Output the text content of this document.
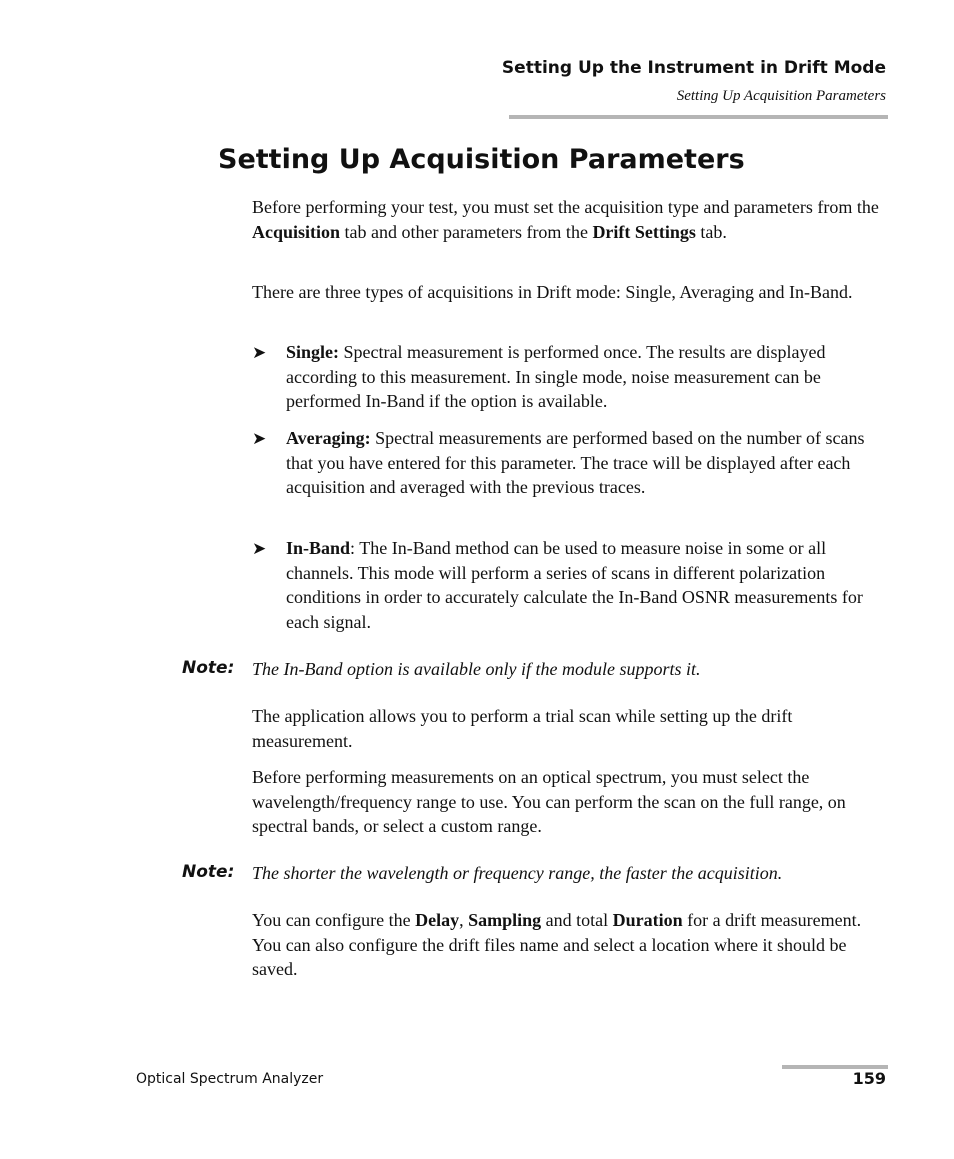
Setting Up the Instrument in Drift Mode
Setting Up Acquisition Parameters
Setting Up Acquisition Parameters

Before performing your test, you must set the acquisition type and parameters from the Acquisition tab and other parameters from the Drift Settings tab.

There are three types of acquisitions in Drift mode: Single, Averaging and In-Band.

➤ Single: Spectral measurement is performed once. The results are displayed according to this measurement. In single mode, noise measurement can be performed In-Band if the option is available.

➤ Averaging: Spectral measurements are performed based on the number of scans that you have entered for this parameter. The trace will be displayed after each acquisition and averaged with the previous traces.

➤ In-Band: The In-Band method can be used to measure noise in some or all channels. This mode will perform a series of scans in different polarization conditions in order to accurately calculate the In-Band OSNR measurements for each signal.

Note: The In-Band option is available only if the module supports it.

The application allows you to perform a trial scan while setting up the drift measurement.

Before performing measurements on an optical spectrum, you must select the wavelength/frequency range to use. You can perform the scan on the full range, on spectral bands, or select a custom range.

Note: The shorter the wavelength or frequency range, the faster the acquisition.

You can configure the Delay, Sampling and total Duration for a drift measurement. You can also configure the drift files name and select a location where it should be saved.

Optical Spectrum Analyzer	159
